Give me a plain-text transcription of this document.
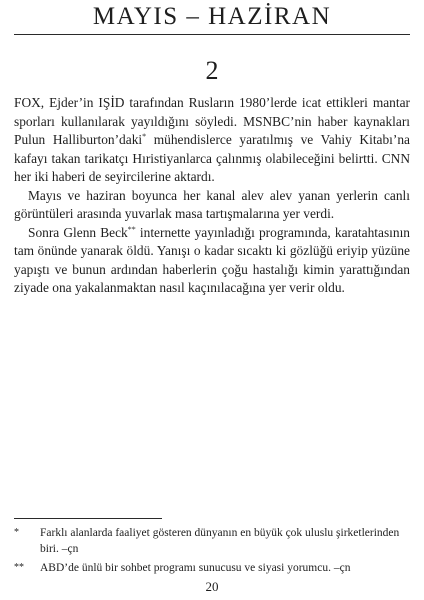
MAYIS – HAZİRAN
2

FOX, Ejder’in IŞİD tarafından Rusların 1980’lerde icat ettikleri mantar sporları kullanılarak yayıldığını söyledi. MSNBC’nin haber kaynakları Pulun Halliburton’daki* mühendislerce yaratılmış ve Vahiy Kitabı’na kafayı takan tarikatçı Hıristiyanlarca çalınmış olabileceğini belirtti. CNN her iki haberi de seyircilerine aktardı.

Mayıs ve haziran boyunca her kanal alev alev yanan yerlerin canlı görüntüleri arasında yuvarlak masa tartışmalarına yer verdi.

Sonra Glenn Beck** internette yayınladığı programında, karatahtasının tam önünde yanarak öldü. Yanışı o kadar sıcaktı ki gözlüğü eriyip yüzüne yapıştı ve bunun ardından haberlerin çoğu hastalığı kimin yarattığından ziyade ona yakalanmaktan nasıl kaçınılacağına yer verir oldu.

* Farklı alanlarda faaliyet gösteren dünyanın en büyük çok uluslu şirketlerinden biri. –çn
** ABD’de ünlü bir sohbet programı sunucusu ve siyasi yorumcu. –çn
20
